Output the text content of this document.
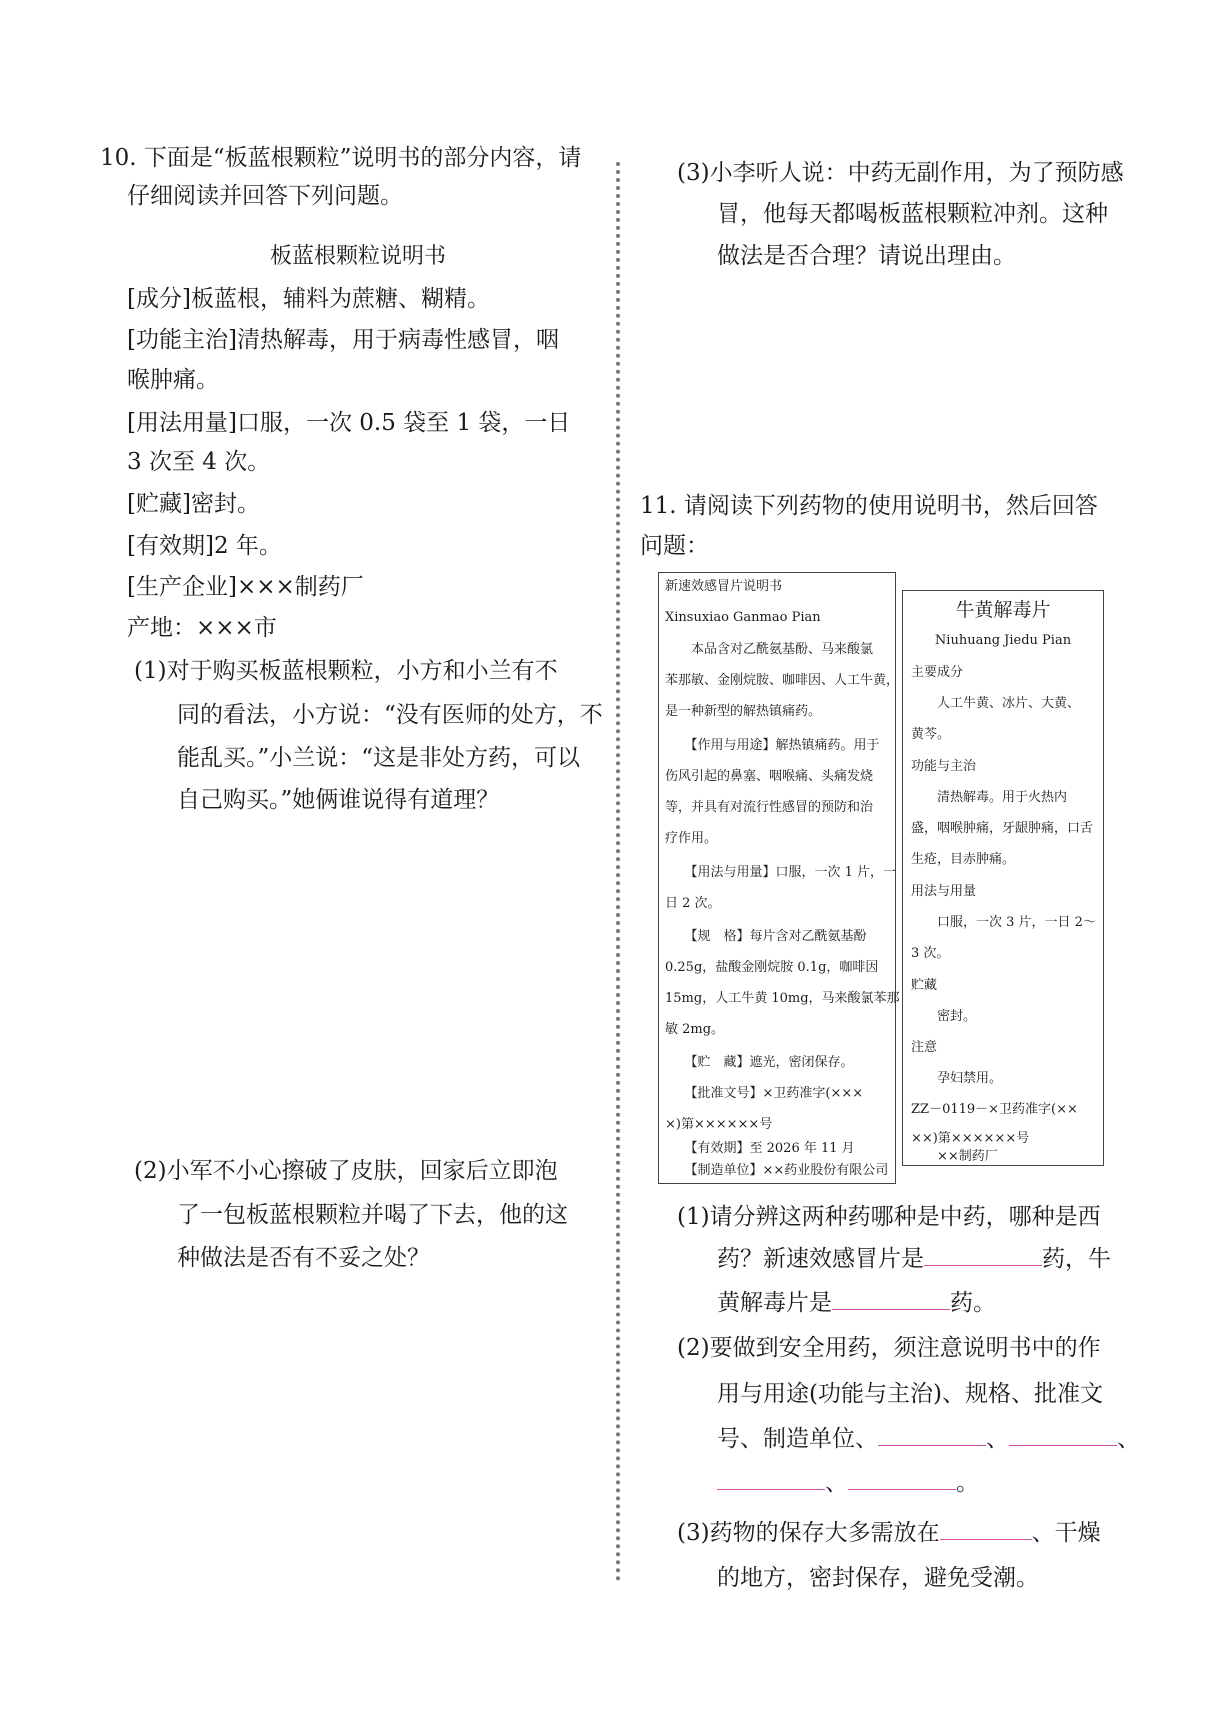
10. 下面是“板蓝根颗粒”说明书的部分内容，请
仔细阅读并回答下列问题。
板蓝根颗粒说明书
[成分]板蓝根，辅料为蔗糖、糊精。
[功能主治]清热解毒，用于病毒性感冒，咽
喉肿痛。
[用法用量]口服，一次 0.5 袋至 1 袋，一日
3 次至 4 次。
[贮藏]密封。
[有效期]2 年。
[生产企业]×××制药厂
产地：×××市
(1)对于购买板蓝根颗粒，小方和小兰有不
同的看法，小方说：“没有医师的处方，不
能乱买。”小兰说：“这是非处方药，可以
自己购买。”她俩谁说得有道理？
(2)小军不小心擦破了皮肤，回家后立即泡
了一包板蓝根颗粒并喝了下去，他的这
种做法是否有不妥之处？
(3)小李听人说：中药无副作用，为了预防感
冒，他每天都喝板蓝根颗粒冲剂。这种
做法是否合理？请说出理由。
11. 请阅读下列药物的使用说明书，然后回答
问题：
新速效感冒片说明书
Xinsuxiao Ganmao Pian
　　本品含对乙酰氨基酚、马来酸氯
苯那敏、金刚烷胺、咖啡因、人工牛黄，
是一种新型的解热镇痛药。
　　【作用与用途】解热镇痛药。用于
伤风引起的鼻塞、咽喉痛、头痛发烧
等，并具有对流行性感冒的预防和治
疗作用。
　　【用法与用量】口服，一次 1 片，一
日 2 次。
　　【规　格】每片含对乙酰氨基酚
0.25g，盐酸金刚烷胺 0.1g，咖啡因
15mg，人工牛黄 10mg，马来酸氯苯那
敏 2mg。
　　【贮　藏】遮光，密闭保存。
　　【批准文号】×卫药准字(×××
×)第××××××号
　　【有效期】至 2026 年 11 月
　　【制造单位】××药业股份有限公司
牛黄解毒片
Niuhuang Jiedu Pian
主要成分
　　人工牛黄、冰片、大黄、
黄芩。
功能与主治
　　清热解毒。用于火热内
盛，咽喉肿痛，牙龈肿痛，口舌
生疮，目赤肿痛。
用法与用量
　　口服，一次 3 片，一日 2～
3 次。
贮藏
　　密封。
注意
　　孕妇禁用。
ZZ－0119－×卫药准字(××
××)第××××××号
　　××制药厂
(1)请分辨这两种药哪种是中药，哪种是西
药？新速效感冒片是	药，牛
黄解毒片是	药。
(2)要做到安全用药，须注意说明书中的作
用与用途(功能与主治)、规格、批准文
号、制造单位、	、	、
、	。
(3)药物的保存大多需放在	、干燥
的地方，密封保存，避免受潮。
